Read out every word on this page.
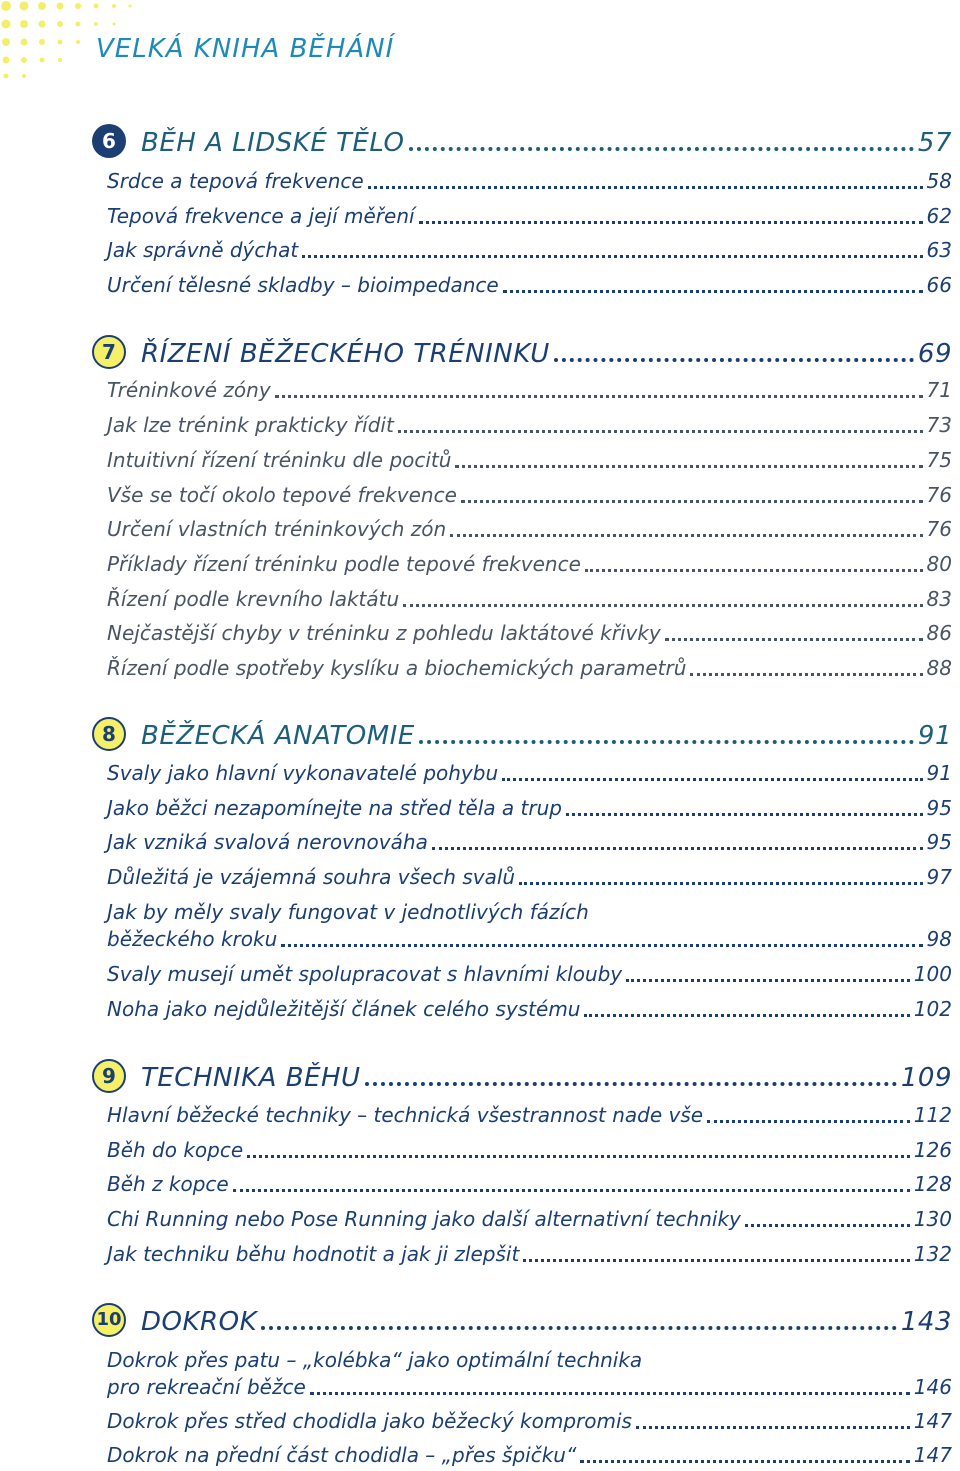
VELKÁ KNIHA BĚHÁNÍ
6 BĚH A LIDSKÉ TĚLO	57
Srdce a tepová frekvence	58
Tepová frekvence a její měření	62
Jak správně dýchat	63
Určení tělesné skladby – bioimpedance	66
7 ŘÍZENÍ BĚŽECKÉHO TRÉNINKU	69
Tréninkové zóny	71
Jak lze trénink prakticky řídit	73
Intuitivní řízení tréninku dle pocitů	75
Vše se točí okolo tepové frekvence	76
Určení vlastních tréninkových zón	76
Příklady řízení tréninku podle tepové frekvence	80
Řízení podle krevního laktátu	83
Nejčastější chyby v tréninku z pohledu laktátové křivky	86
Řízení podle spotřeby kyslíku a biochemických parametrů	88
8 BĚŽECKÁ ANATOMIE	91
Svaly jako hlavní vykonavatelé pohybu	91
Jako běžci nezapomínejte na střed těla a trup	95
Jak vzniká svalová nerovnováha	95
Důležitá je vzájemná souhra všech svalů	97
Jak by měly svaly fungovat v jednotlivých fázích
běžeckého kroku	98
Svaly musejí umět spolupracovat s hlavními klouby	100
Noha jako nejdůležitější článek celého systému	102
9 TECHNIKA BĚHU	109
Hlavní běžecké techniky – technická všestrannost nade vše	112
Běh do kopce	126
Běh z kopce	128
Chi Running nebo Pose Running jako další alternativní techniky	130
Jak techniku běhu hodnotit a jak ji zlepšit	132
10 DOKROK	143
Dokrok přes patu – „kolébka“ jako optimální technika
pro rekreační běžce	146
Dokrok přes střed chodidla jako běžecký kompromis	147
Dokrok na přední část chodidla – „přes špičku“	147
